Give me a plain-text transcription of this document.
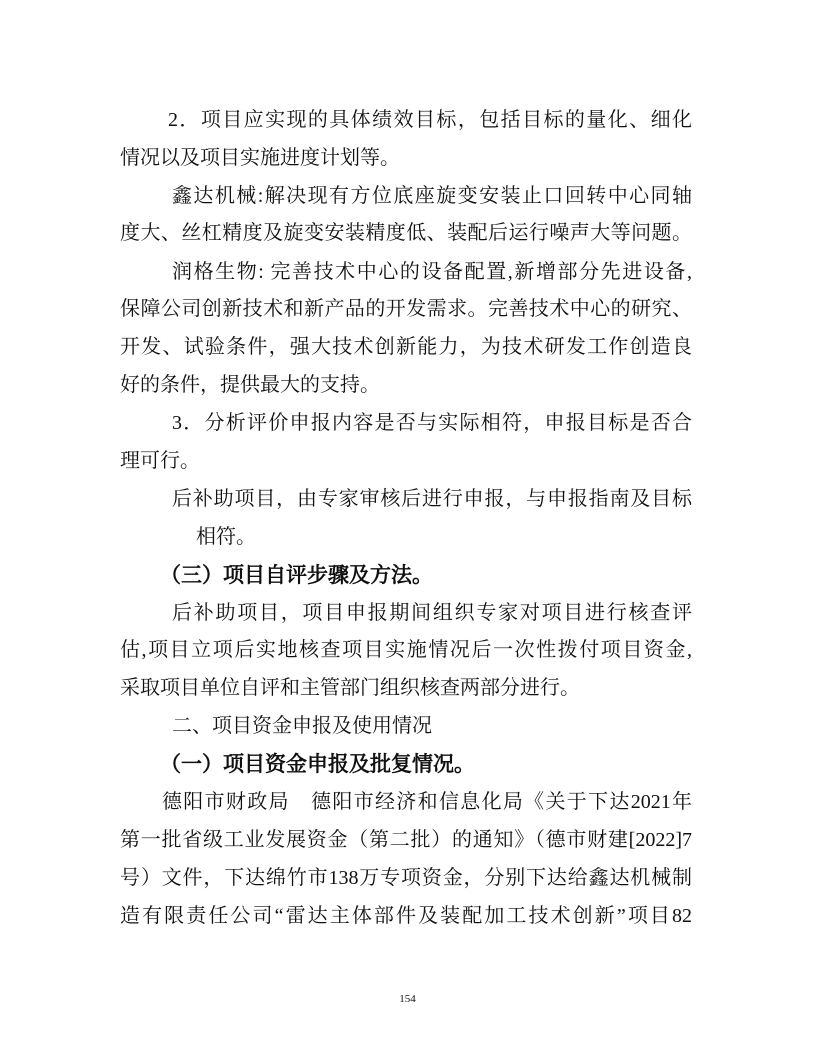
2．项目应实现的具体绩效目标，包括目标的量化、细化
情况以及项目实施进度计划等。
鑫达机械:解决现有方位底座旋变安装止口回转中心同轴
度大、丝杠精度及旋变安装精度低、装配后运行噪声大等问题。
润格生物: 完善技术中心的设备配置,新增部分先进设备,
保障公司创新技术和新产品的开发需求。完善技术中心的研究、
开发、试验条件，强大技术创新能力，为技术研发工作创造良
好的条件，提供最大的支持。
3．分析评价申报内容是否与实际相符，申报目标是否合
理可行。
后补助项目，由专家审核后进行申报，与申报指南及目标
相符。
（三）项目自评步骤及方法。
后补助项目，项目申报期间组织专家对项目进行核查评
估,项目立项后实地核查项目实施情况后一次性拨付项目资金,
采取项目单位自评和主管部门组织核查两部分进行。
二、项目资金申报及使用情况
（一）项目资金申报及批复情况。
德阳市财政局　德阳市经济和信息化局《关于下达2021年
第一批省级工业发展资金（第二批）的通知》（德市财建[2022]7
号）文件，下达绵竹市138万专项资金，分别下达给鑫达机械制
造有限责任公司“雷达主体部件及装配加工技术创新”项目82
154
